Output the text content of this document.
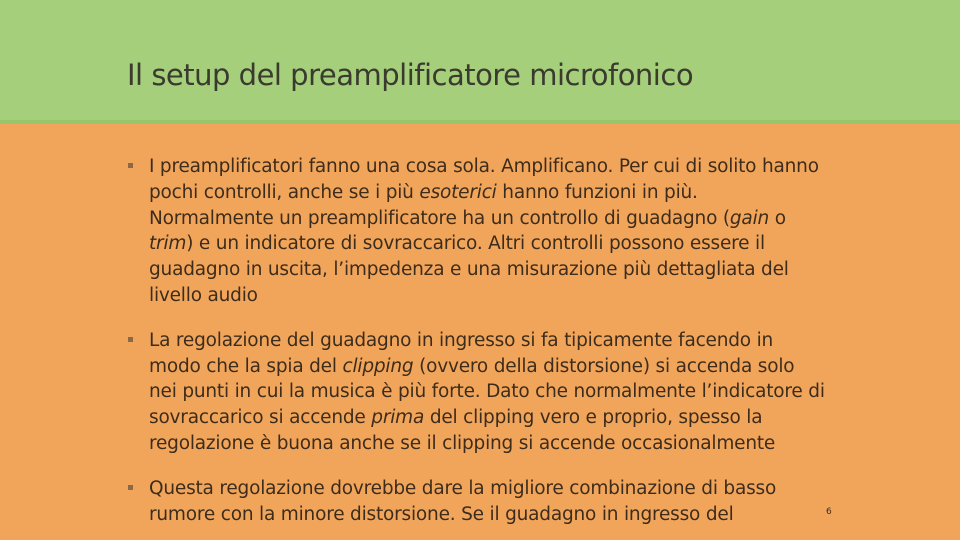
Il setup del preamplificatore microfonico
I preamplificatori fanno una cosa sola. Amplificano. Per cui di solito hanno pochi controlli, anche se i più esoterici hanno funzioni in più. Normalmente un preamplificatore ha un controllo di guadagno (gain o trim) e un indicatore di sovraccarico. Altri controlli possono essere il guadagno in uscita, l’impedenza e una misurazione più dettagliata del livello audio
La regolazione del guadagno in ingresso si fa tipicamente facendo in modo che la spia del clipping (ovvero della distorsione) si accenda solo nei punti in cui la musica è più forte. Dato che normalmente l’indicatore di sovraccarico si accende prima del clipping vero e proprio, spesso la regolazione è buona anche se il clipping si accende occasionalmente
Questa regolazione dovrebbe dare la migliore combinazione di basso rumore con la minore distorsione. Se il guadagno in ingresso del	6
